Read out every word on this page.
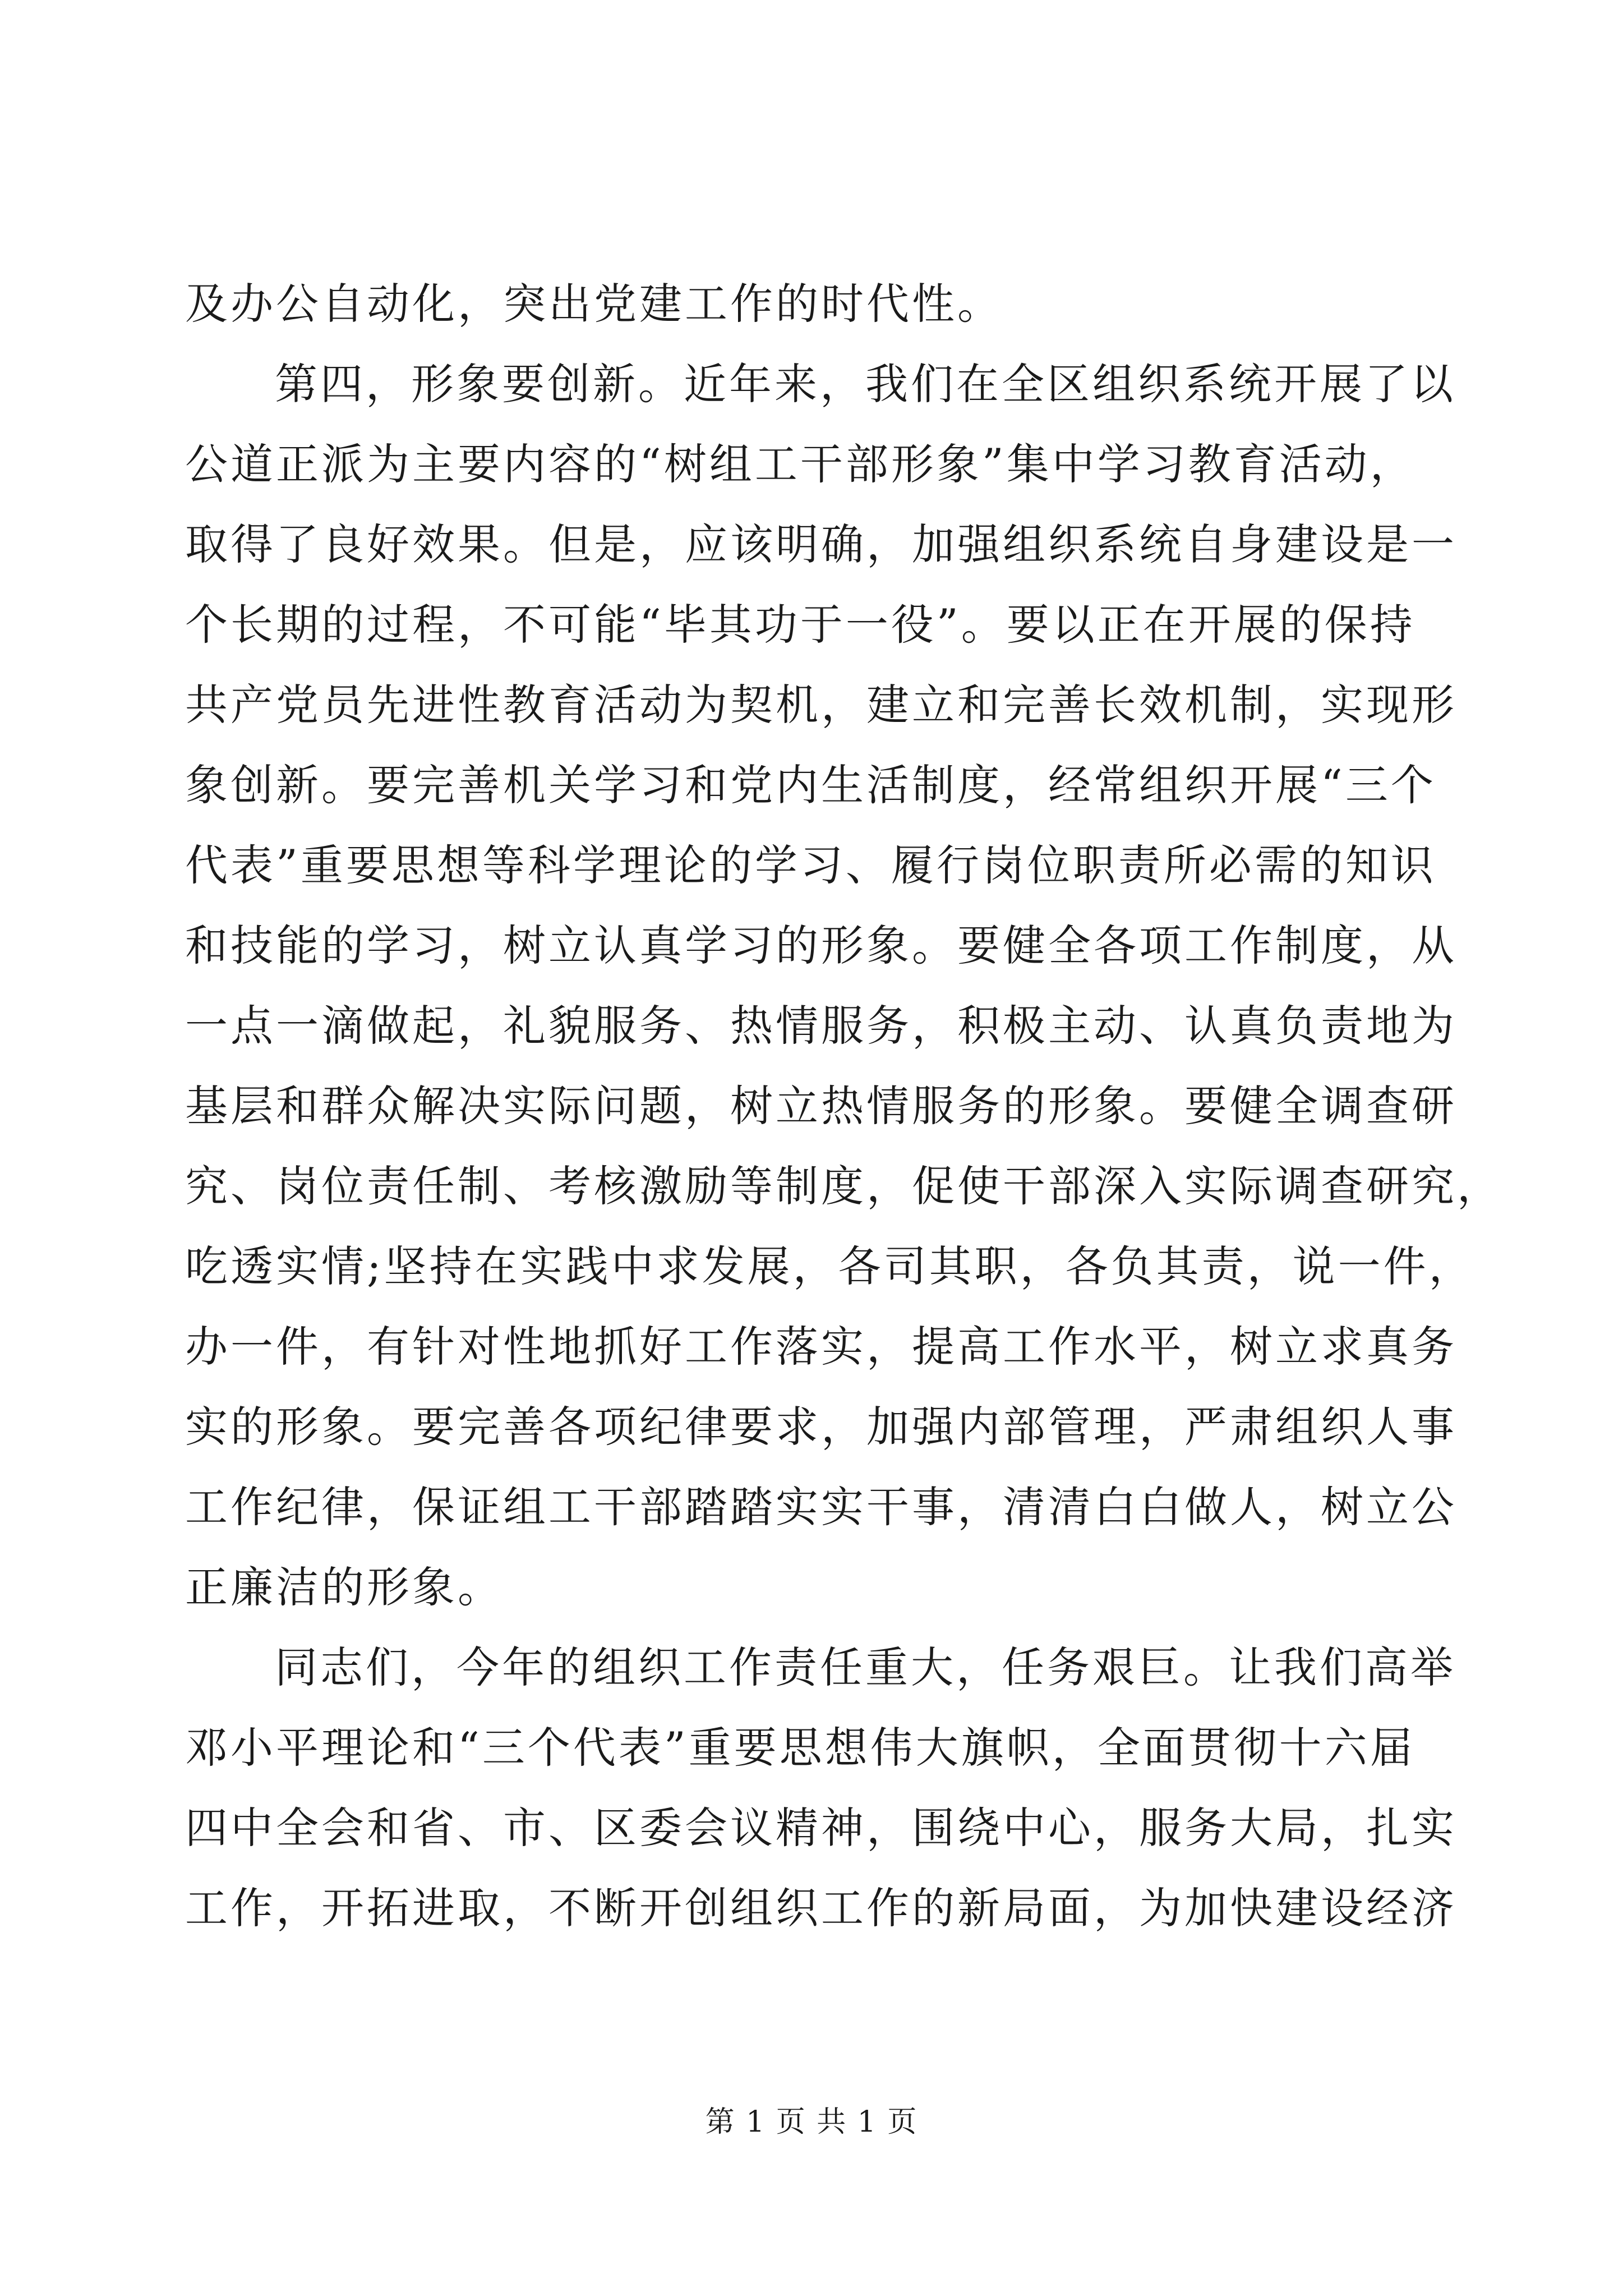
及办公自动化，突出党建工作的时代性。
第四，形象要创新。近年来，我们在全区组织系统开展了以
公道正派为主要内容的“树组工干部形象”集中学习教育活动，
取得了良好效果。但是，应该明确，加强组织系统自身建设是一
个长期的过程，不可能“毕其功于一役”。要以正在开展的保持
共产党员先进性教育活动为契机，建立和完善长效机制，实现形
象创新。要完善机关学习和党内生活制度，经常组织开展“三个
代表”重要思想等科学理论的学习、履行岗位职责所必需的知识
和技能的学习，树立认真学习的形象。要健全各项工作制度，从
一点一滴做起，礼貌服务、热情服务，积极主动、认真负责地为
基层和群众解决实际问题，树立热情服务的形象。要健全调查研
究、岗位责任制、考核激励等制度，促使干部深入实际调查研究，
吃透实情;坚持在实践中求发展，各司其职，各负其责，说一件，
办一件，有针对性地抓好工作落实，提高工作水平，树立求真务
实的形象。要完善各项纪律要求，加强内部管理，严肃组织人事
工作纪律，保证组工干部踏踏实实干事，清清白白做人，树立公
正廉洁的形象。
同志们，今年的组织工作责任重大，任务艰巨。让我们高举
邓小平理论和“三个代表”重要思想伟大旗帜，全面贯彻十六届
四中全会和省、市、区委会议精神，围绕中心，服务大局，扎实
工作，开拓进取，不断开创组织工作的新局面，为加快建设经济
第 1 页 共 1 页
